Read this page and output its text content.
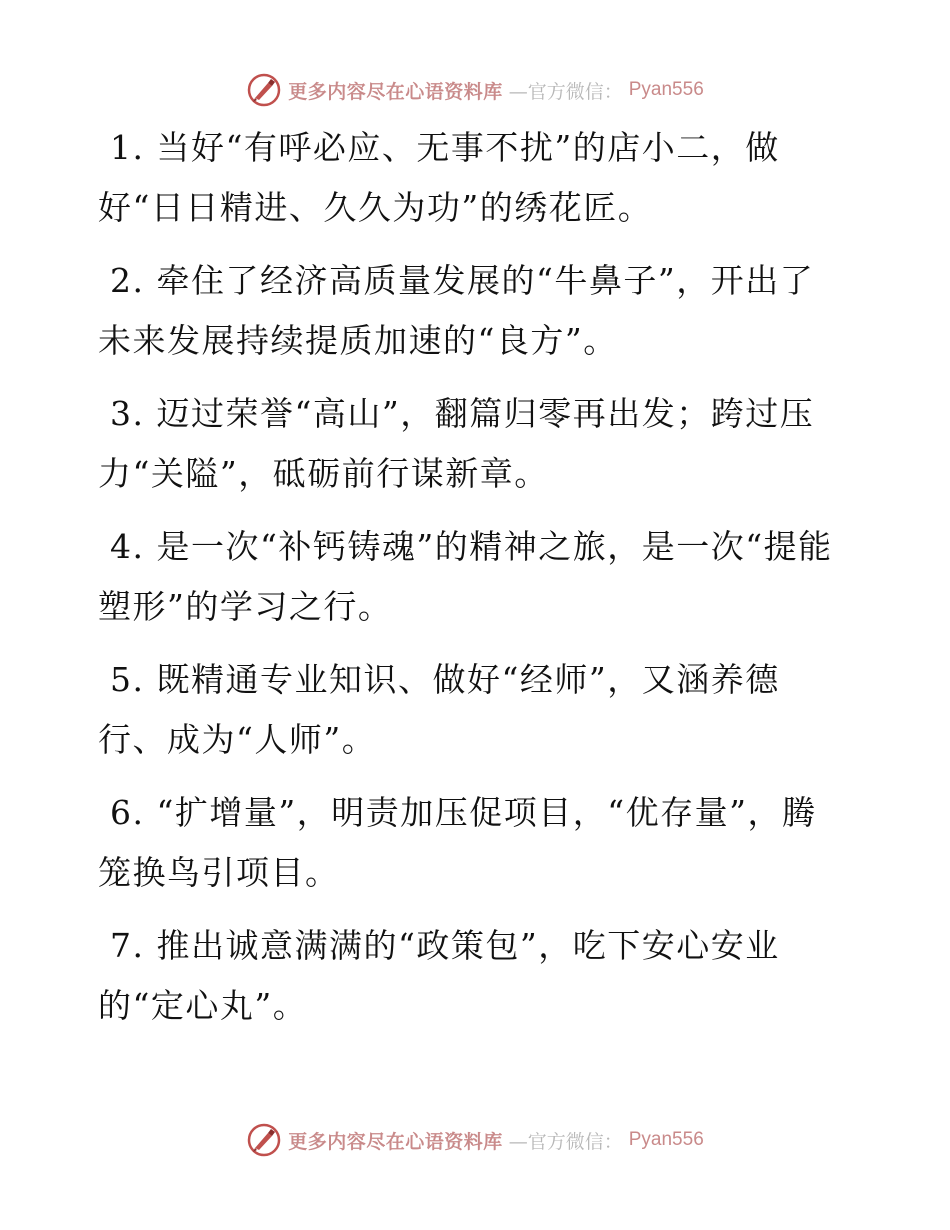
更多内容尽在心语资料库 —官方微信： Pyan556

1. 当好“有呼必应、无事不扰”的店小二，做好“日日精进、久久为功”的绣花匠。

2. 牵住了经济高质量发展的“牛鼻子”，开出了未来发展持续提质加速的“良方”。

3. 迈过荣誉“高山”，翻篇归零再出发；跨过压力“关隘”，砥砺前行谋新章。

4. 是一次“补钙铸魂”的精神之旅，是一次“提能塑形”的学习之行。

5. 既精通专业知识、做好“经师”，又涵养德行、成为“人师”。

6. “扩增量”，明责加压促项目，“优存量”，腾笼换鸟引项目。

7. 推出诚意满满的“政策包”，吃下安心安业的“定心丸”。

更多内容尽在心语资料库 —官方微信： Pyan556
